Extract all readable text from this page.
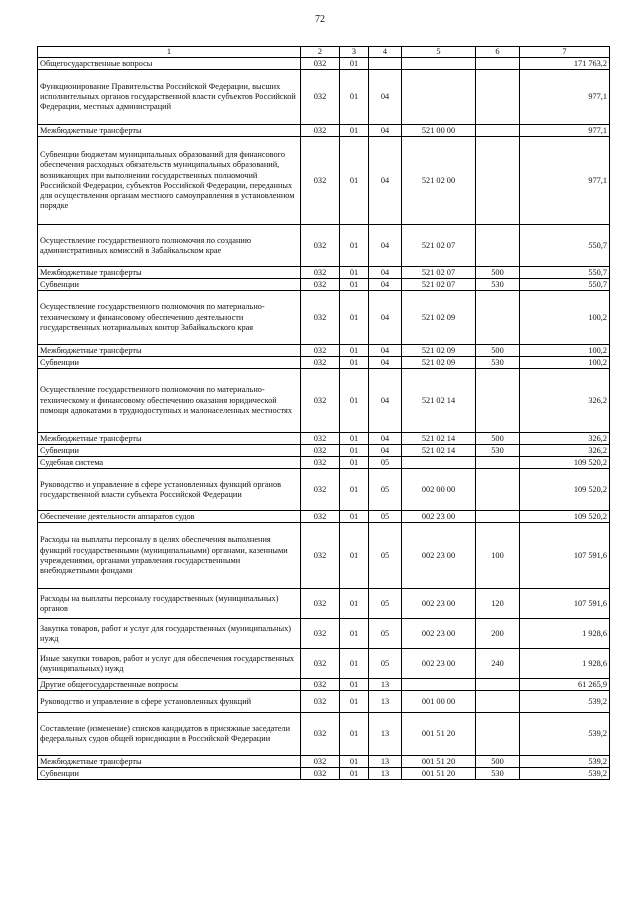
72
1	2	3	4	5	6	7
Общегосударственные вопросы	032	01				171 763,2
Функционирование Правительства Российской Федерации, высших исполнительных органов государственной власти субъектов Российской Федерации, местных администраций	032	01	04			977,1
Межбюджетные трансферты	032	01	04	521 00 00		977,1
Субвенции бюджетам муниципальных образований для финансового обеспечения расходных обязательств муниципальных образований, возникающих при выполнении государственных полномочий Российской Федерации, субъектов Российской Федерации, переданных для осуществления органам местного самоуправления в установленном порядке	032	01	04	521 02 00		977,1
Осуществление государственного полномочия по созданию административных комиссий в Забайкальском крае	032	01	04	521 02 07		550,7
Межбюджетные трансферты	032	01	04	521 02 07	500	550,7
Субвенции	032	01	04	521 02 07	530	550,7
Осуществление государственного полномочия по материально-техническому и финансовому обеспечению деятельности государственных нотариальных контор Забайкальского края	032	01	04	521 02 09		100,2
Межбюджетные трансферты	032	01	04	521 02 09	500	100,2
Субвенции	032	01	04	521 02 09	530	100,2
Осуществление государственного полномочия по материально-техническому и финансовому обеспечению оказания юридической помощи адвокатами в труднодоступных и малонаселенных местностях	032	01	04	521 02 14		326,2
Межбюджетные трансферты	032	01	04	521 02 14	500	326,2
Субвенции	032	01	04	521 02 14	530	326,2
Судебная система	032	01	05			109 520,2
Руководство и управление в сфере установленных функций органов государственной власти субъекта Российской Федерации	032	01	05	002 00 00		109 520,2
Обеспечение деятельности аппаратов судов	032	01	05	002 23 00		109 520,2
Расходы на выплаты персоналу в целях обеспечения выполнения функций государственными (муниципальными) органами, казенными учреждениями, органами управления государственными внебюджетными фондами	032	01	05	002 23 00	100	107 591,6
Расходы на выплаты персоналу государственных (муниципальных) органов	032	01	05	002 23 00	120	107 591,6
Закупка товаров, работ и услуг для государственных (муниципальных) нужд	032	01	05	002 23 00	200	1 928,6
Иные закупки товаров, работ и услуг для обеспечения государственных (муниципальных) нужд	032	01	05	002 23 00	240	1 928,6
Другие общегосударственные вопросы	032	01	13			61 265,9
Руководство и управление в сфере установленных функций	032	01	13	001 00 00		539,2
Составление (изменение) списков кандидатов в присяжные заседатели федеральных судов общей юрисдикции в Российской Федерации	032	01	13	001 51 20		539,2
Межбюджетные трансферты	032	01	13	001 51 20	500	539,2
Субвенции	032	01	13	001 51 20	530	539,2
